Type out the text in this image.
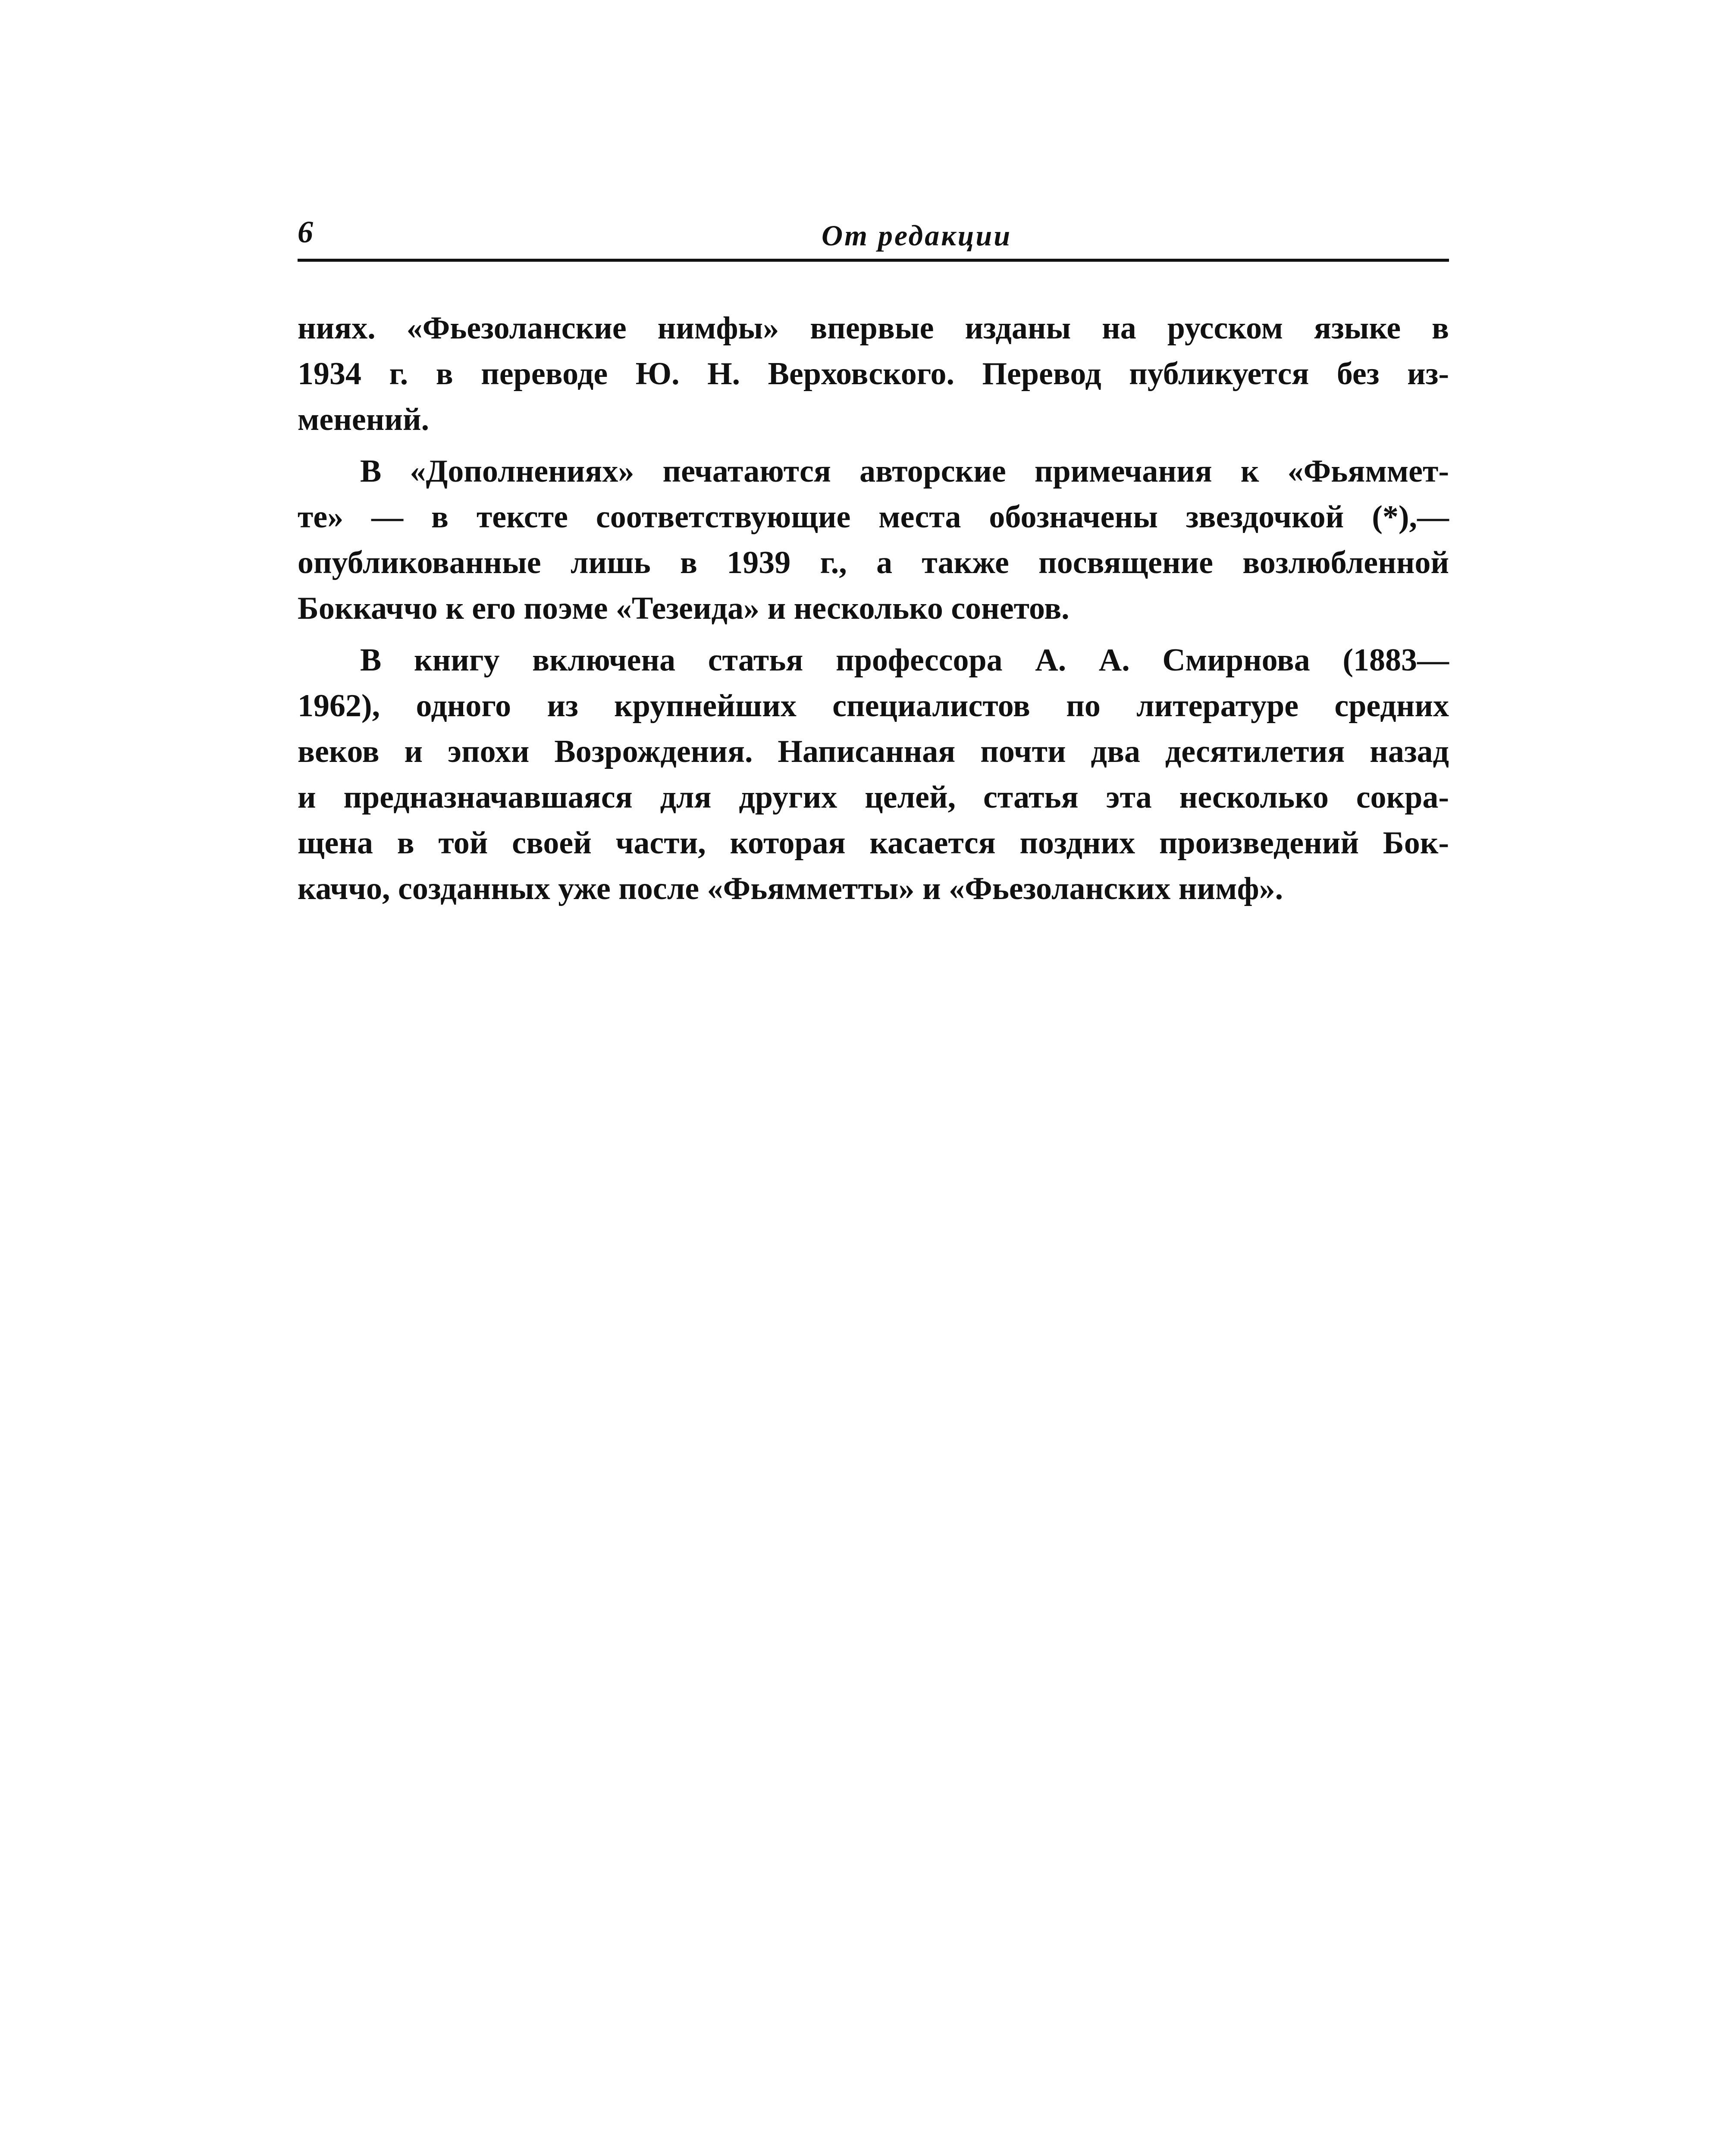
6	От редакции

ниях. «Фьезоланские нимфы» впервые изданы на русском языке в
1934 г. в переводе Ю. Н. Верховского. Перевод публикуется без из-
менений.

В «Дополнениях» печатаются авторские примечания к «Фьяммет-
те» — в тексте соответствующие места обозначены звездочкой (*),—
опубликованные лишь в 1939 г., а также посвящение возлюбленной
Боккаччо к его поэме «Тезеида» и несколько сонетов.

В книгу включена статья профессора А. А. Смирнова (1883—
1962), одного из крупнейших специалистов по литературе средних
веков и эпохи Возрождения. Написанная почти два десятилетия назад
и предназначавшаяся для других целей, статья эта несколько сокра-
щена в той своей части, которая касается поздних произведений Бок-
каччо, созданных уже после «Фьямметты» и «Фьезоланских нимф».
